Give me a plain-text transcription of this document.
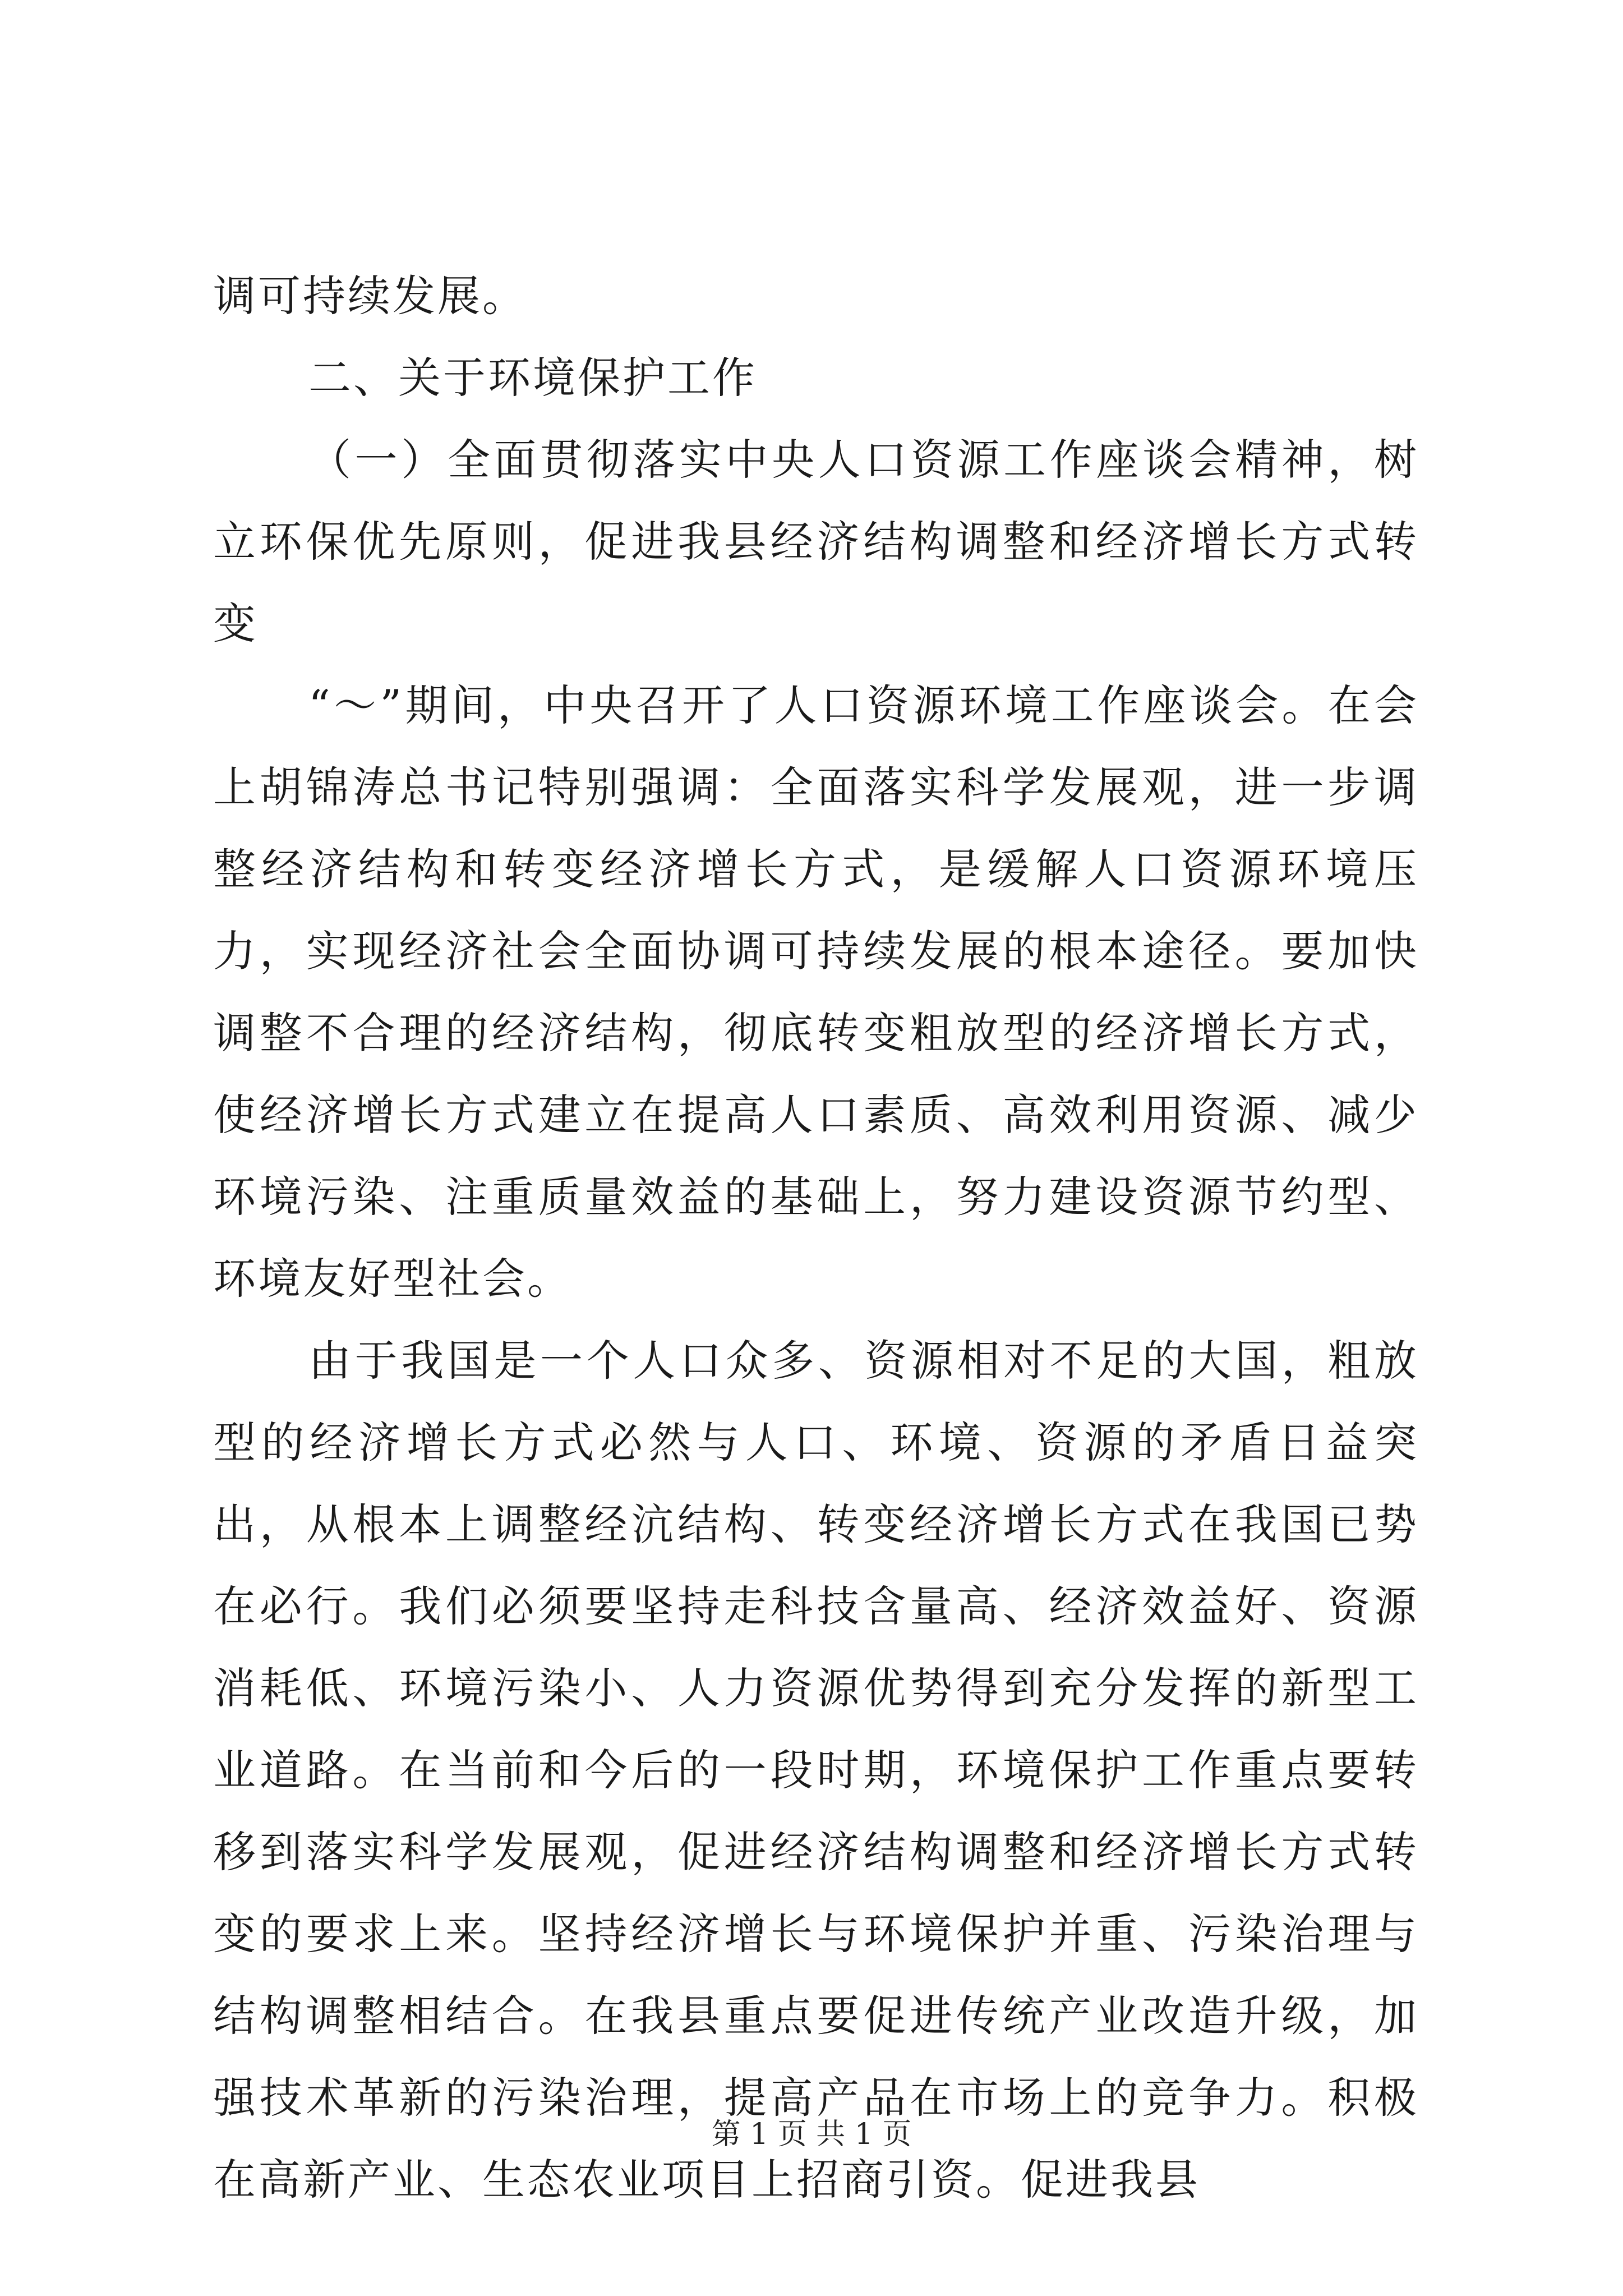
调可持续发展。

二、关于环境保护工作

（一）全面贯彻落实中央人口资源工作座谈会精神，树立环保优先原则，促进我县经济结构调整和经济增长方式转变

“～”期间，中央召开了人口资源环境工作座谈会。在会上胡锦涛总书记特别强调：全面落实科学发展观，进一步调整经济结构和转变经济增长方式，是缓解人口资源环境压力，实现经济社会全面协调可持续发展的根本途径。要加快调整不合理的经济结构，彻底转变粗放型的经济增长方式，使经济增长方式建立在提高人口素质、高效利用资源、减少环境污染、注重质量效益的基础上，努力建设资源节约型、环境友好型社会。

由于我国是一个人口众多、资源相对不足的大国，粗放型的经济增长方式必然与人口、环境、资源的矛盾日益突出，从根本上调整经沆结构、转变经济增长方式在我国已势在必行。我们必须要坚持走科技含量高、经济效益好、资源消耗低、环境污染小、人力资源优势得到充分发挥的新型工业道路。在当前和今后的一段时期，环境保护工作重点要转移到落实科学发展观，促进经济结构调整和经济增长方式转变的要求上来。坚持经济增长与环境保护并重、污染治理与结构调整相结合。在我县重点要促进传统产业改造升级，加强技术革新的污染治理，提高产品在市场上的竞争力。积极在高新产业、生态农业项目上招商引资。促进我县

第 1 页 共 1 页
